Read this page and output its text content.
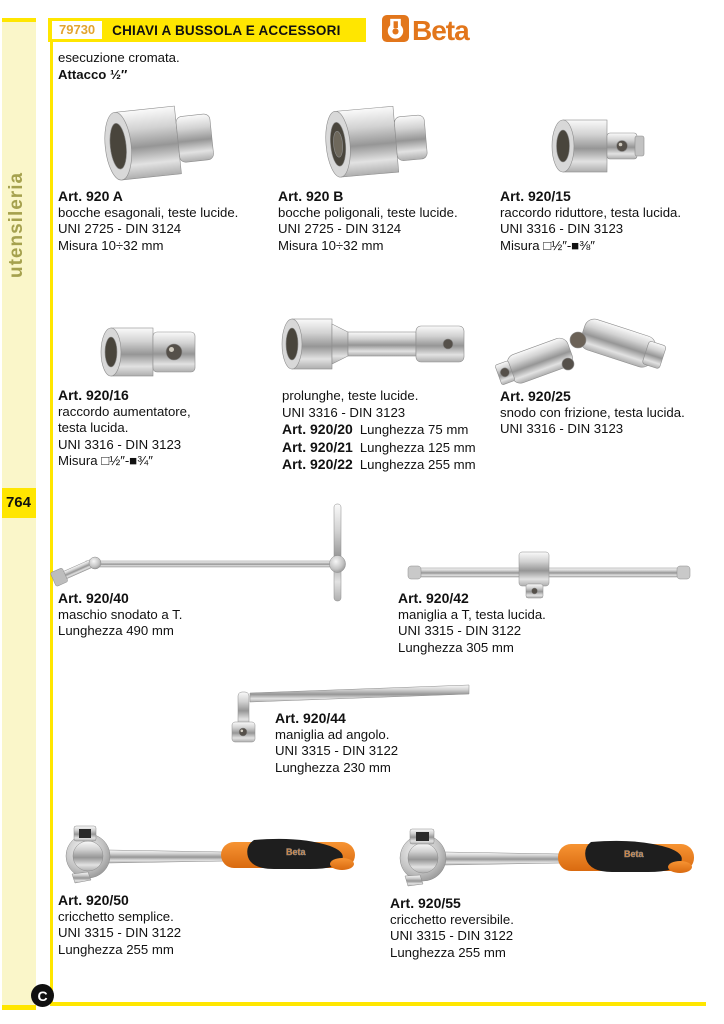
utensileria
764
C
79730	CHIAVI A BUSSOLA E ACCESSORI	Beta
esecuzione cromata.
Attacco ½″
Art. 920 A
bocche esagonali, teste lucide.
UNI 2725 - DIN 3124
Misura 10÷32 mm
Art. 920 B
bocche poligonali, teste lucide.
UNI 2725 - DIN 3124
Misura 10÷32 mm
Art. 920/15
raccordo riduttore, testa lucida.
UNI 3316 - DIN 3123
Misura □½″-■⅜″
Art. 920/16
raccordo aumentatore,
testa lucida.
UNI 3316 - DIN 3123
Misura □½″-■¾″
prolunghe, teste lucide.
UNI 3316 - DIN 3123
Art. 920/20 Lunghezza 75 mm
Art. 920/21 Lunghezza 125 mm
Art. 920/22 Lunghezza 255 mm
Art. 920/25
snodo con frizione, testa lucida.
UNI 3316 - DIN 3123
Art. 920/40
maschio snodato a T.
Lunghezza 490 mm
Art. 920/42
maniglia a T, testa lucida.
UNI 3315 - DIN 3122
Lunghezza 305 mm
Art. 920/44
maniglia ad angolo.
UNI 3315 - DIN 3122
Lunghezza 230 mm
Beta	Beta
Art. 920/50
cricchetto semplice.
UNI 3315 - DIN 3122
Lunghezza 255 mm
Art. 920/55
cricchetto reversibile.
UNI 3315 - DIN 3122
Lunghezza 255 mm
